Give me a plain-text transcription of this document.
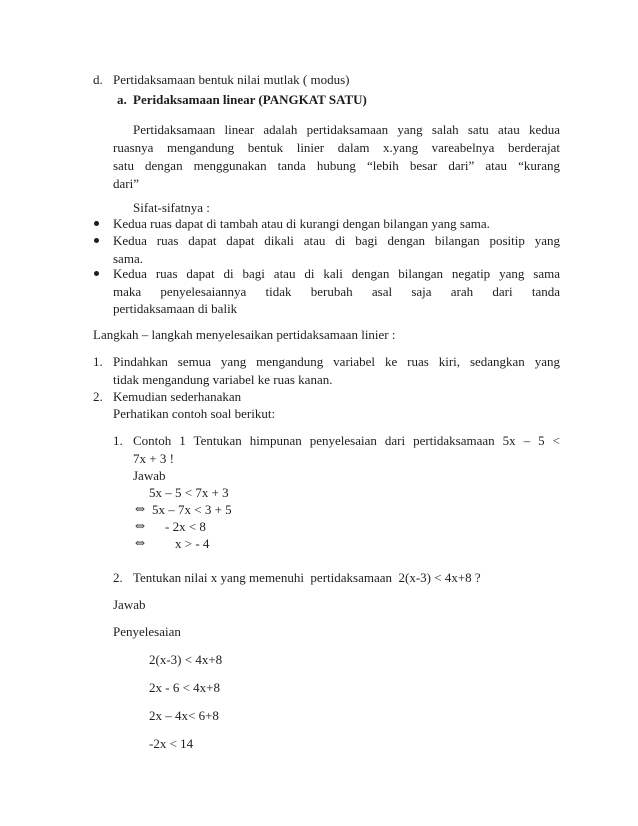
d. Pertidaksamaan bentuk nilai mutlak ( modus)
a. Peridaksamaan linear (PANGKAT SATU)
Pertidaksamaan linear adalah pertidaksamaan yang salah satu atau kedua
ruasnya mengandung bentuk linier dalam x.yang vareabelnya berderajat
satu dengan menggunakan tanda hubung “lebih besar dari” atau “kurang
dari”
Sifat-sifatnya :
Kedua ruas dapat di tambah atau di kurangi dengan bilangan yang sama.
Kedua ruas dapat dapat dikali atau di bagi dengan bilangan positip yang
sama.
Kedua ruas dapat di bagi atau di kali dengan bilangan negatip yang sama
maka penyelesaiannya tidak berubah asal saja arah dari tanda
pertidaksamaan di balik
Langkah – langkah menyelesaikan pertidaksamaan linier :
1. Pindahkan semua yang mengandung variabel ke ruas kiri, sedangkan yang
tidak mengandung variabel ke ruas kanan.
2. Kemudian sederhanakan
Perhatikan contoh soal berikut:
1. Contoh 1 Tentukan himpunan penyelesaian dari pertidaksamaan 5x – 5 <
7x + 3 !
Jawab
5x – 5 < 7x + 3
⇔ 5x – 7x < 3 + 5
⇔ - 2x < 8
⇔ x > - 4
2. Tentukan nilai x yang memenuhi  pertidaksamaan  2(x-3) < 4x+8 ?
Jawab
Penyelesaian
2(x-3) < 4x+8
2x - 6 < 4x+8
2x – 4x< 6+8
-2x < 14
